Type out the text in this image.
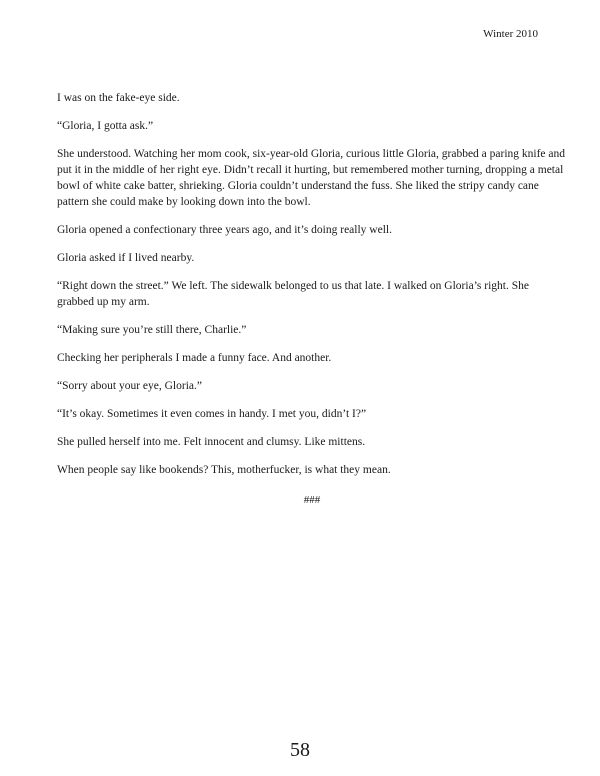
Winter 2010

I was on the fake-eye side.

“Gloria, I gotta ask.”

She understood. Watching her mom cook, six-year-old Gloria, curious little Gloria, grabbed a paring knife and put it in the middle of her right eye. Didn’t recall it hurting, but remembered mother turning, dropping a metal bowl of white cake batter, shrieking. Gloria couldn’t understand the fuss. She liked the stripy candy cane pattern she could make by looking down into the bowl.

Gloria opened a confectionary three years ago, and it’s doing really well.

Gloria asked if I lived nearby.

“Right down the street.” We left. The sidewalk belonged to us that late. I walked on Gloria’s right. She grabbed up my arm.

“Making sure you’re still there, Charlie.”

Checking her peripherals I made a funny face. And another.

“Sorry about your eye, Gloria.”

“It’s okay. Sometimes it even comes in handy. I met you, didn’t I?”

She pulled herself into me. Felt innocent and clumsy. Like mittens.

When people say like bookends? This, motherfucker, is what they mean.

###
58
